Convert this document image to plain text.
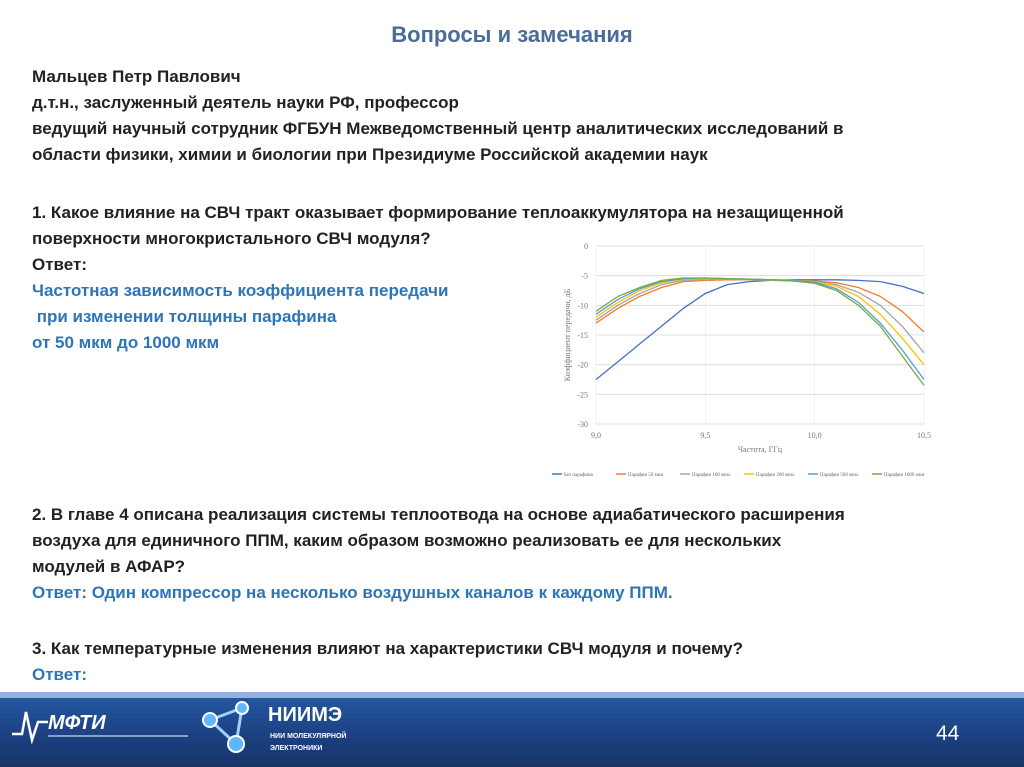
Вопросы и замечания
Мальцев Петр Павлович
д.т.н., заслуженный деятель науки РФ, профессор
ведущий научный сотрудник ФГБУН Межведомственный центр аналитических исследований в
области физики, химии и биологии при Президиуме Российской академии наук
1. Какое влияние на СВЧ тракт оказывает формирование теплоаккумулятора на незащищенной
поверхности многокристального СВЧ модуля?
Ответ:
Частотная зависимость коэффициента передачи
при изменении толщины парафина
от 50 мкм до 1000 мкм
0
-5
-10
-15
-20
-25
-30
9,0	9,5	10,0	10,5
Частота, ГГц
Коэффициент передачи, дБ
Без парафина	Парафин 50 мкм	Парафин 100 мкм	Парафин 200 мкм	Парафин 500 мкм	Парафин 1000 мкм
2. В главе 4 описана реализация системы теплоотвода на основе адиабатического расширения
воздуха для единичного ППМ, каким образом возможно реализовать ее для нескольких
модулей в АФАР?
Ответ: Один компрессор на несколько воздушных каналов к каждому ППМ.
3. Как температурные изменения влияют на характеристики СВЧ модуля и почему?
Ответ:
МФТИ	НИИМЭ
НИИ МОЛЕКУЛЯРНОЙ
ЭЛЕКТРОНИКИ
44
